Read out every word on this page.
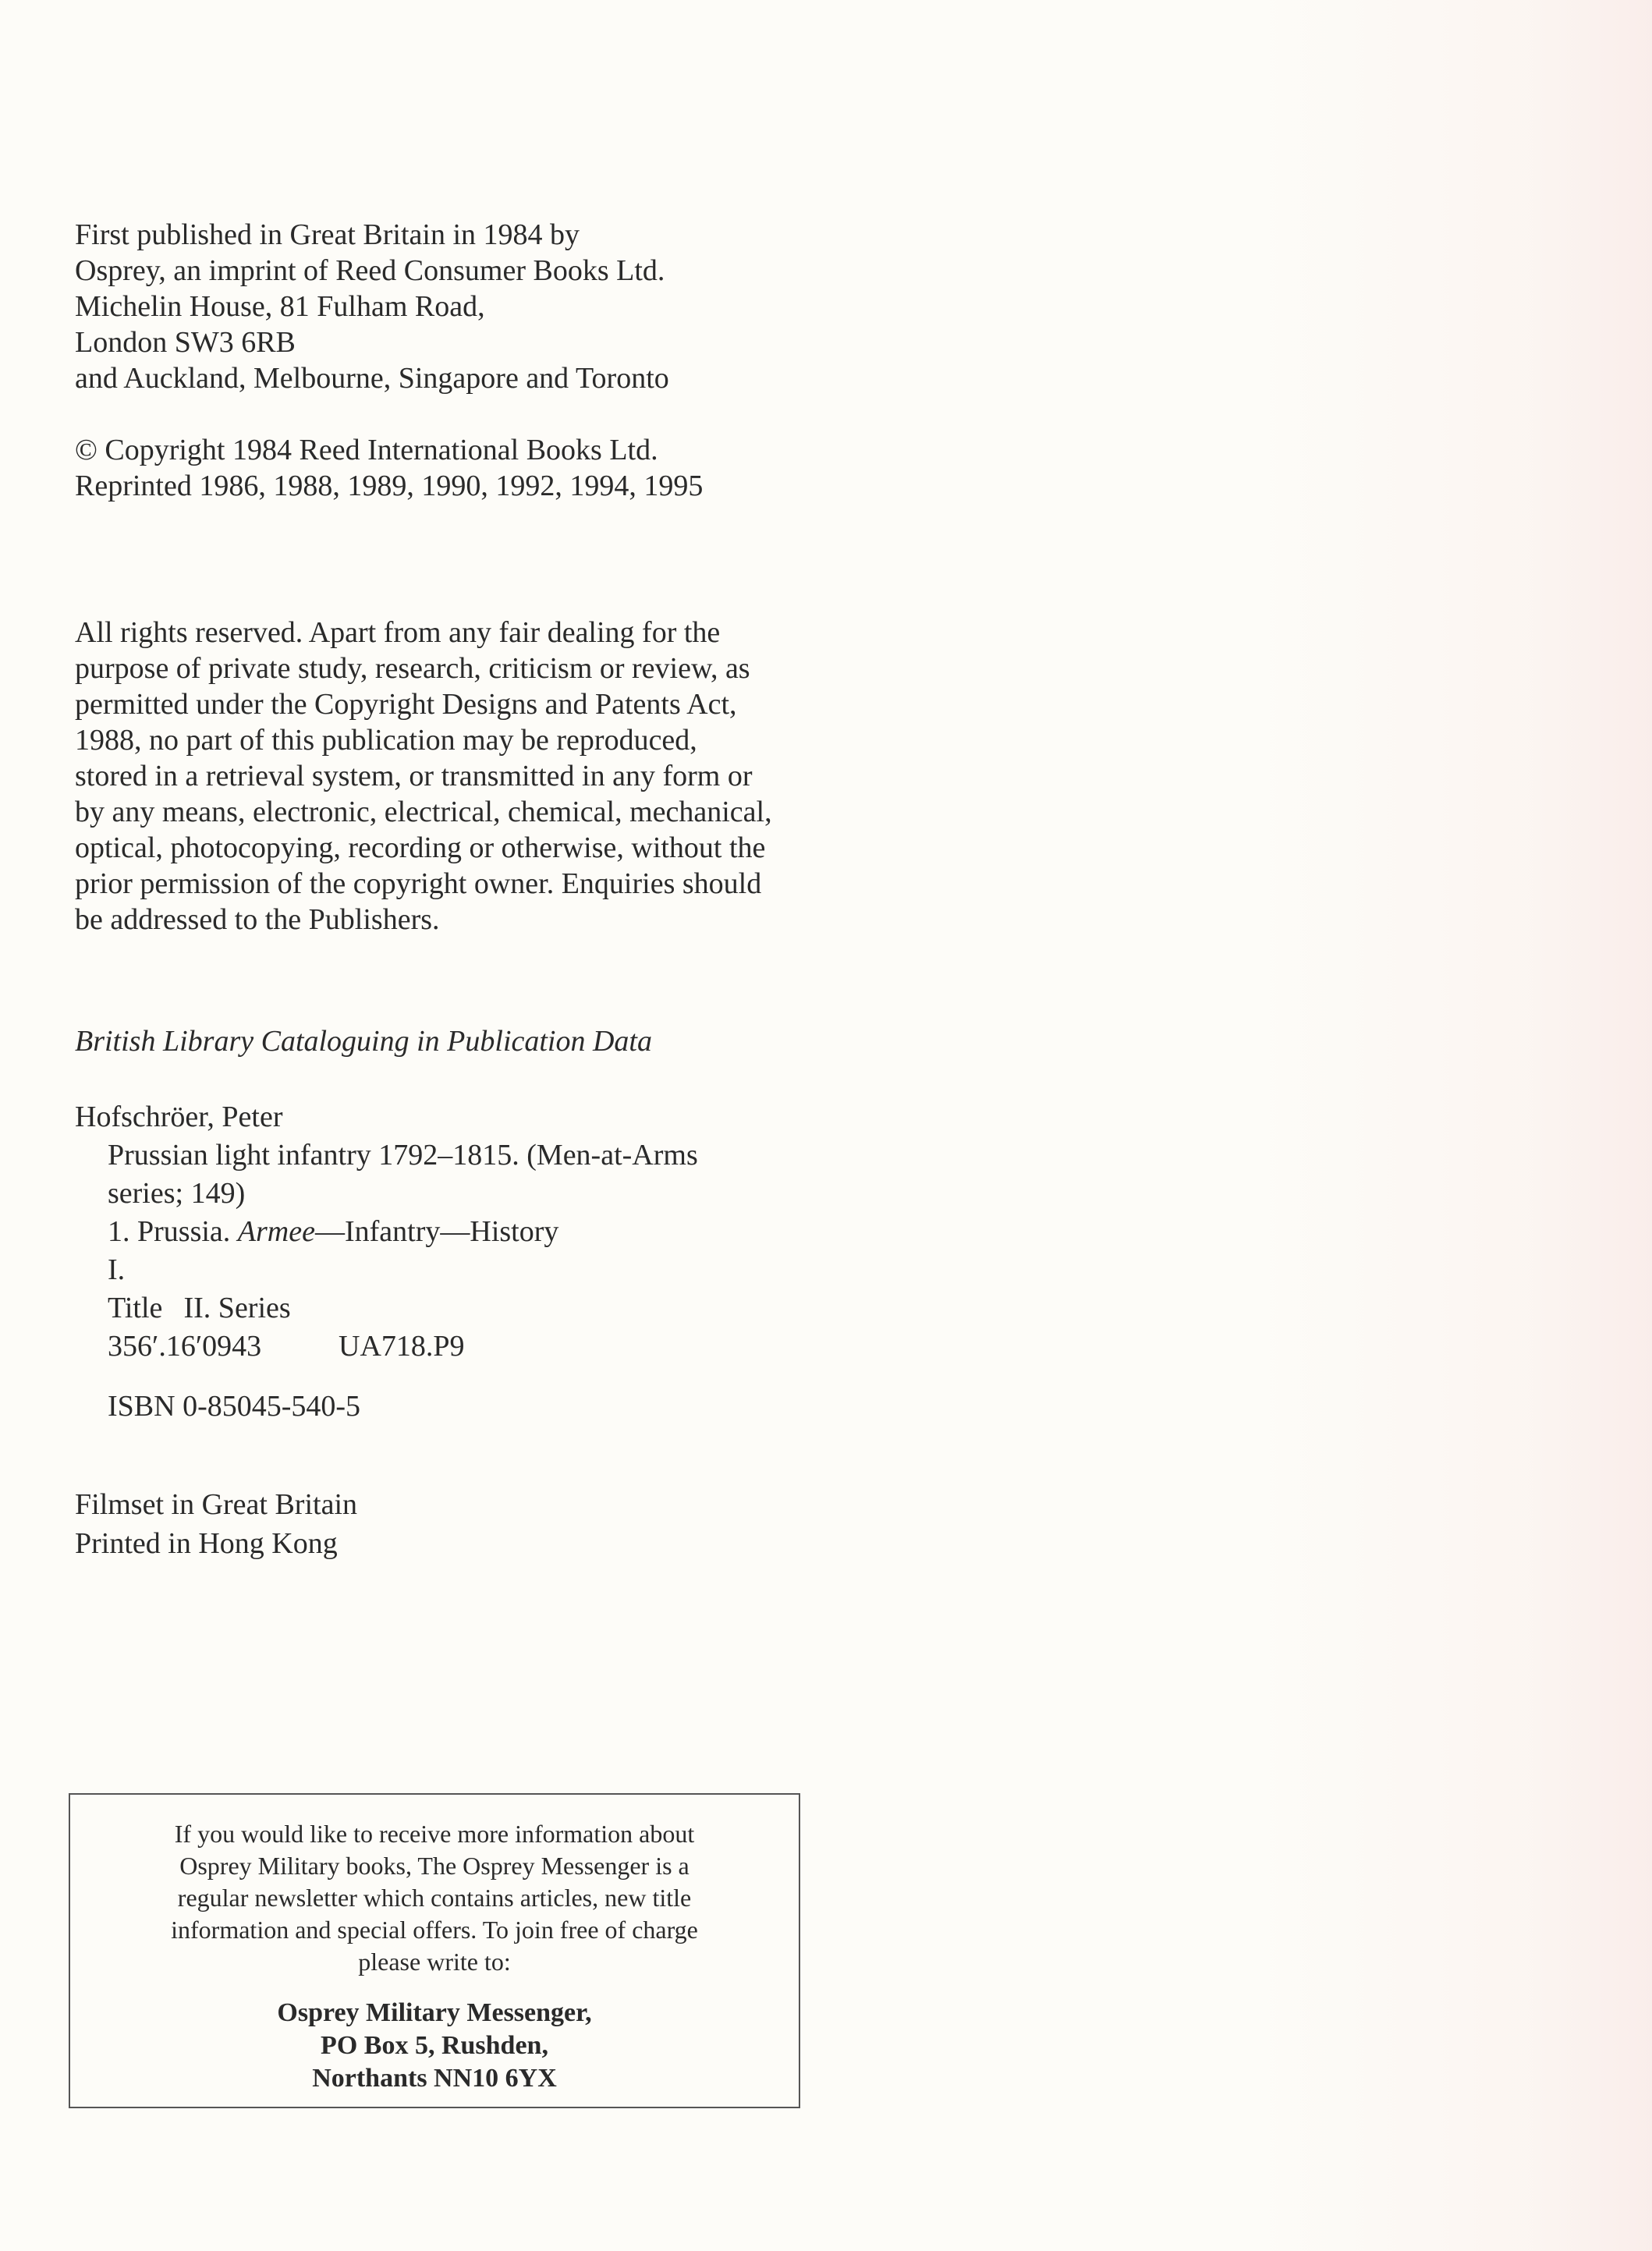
First published in Great Britain in 1984 by

Osprey, an imprint of Reed Consumer Books Ltd.

Michelin House, 81 Fulham Road,

London SW3 6RB

and Auckland, Melbourne, Singapore and Toronto

© Copyright 1984 Reed International Books Ltd.

Reprinted 1986, 1988, 1989, 1990, 1992, 1994, 1995

All rights reserved. Apart from any fair dealing for the

purpose of private study, research, criticism or review, as

permitted under the Copyright Designs and Patents Act,

1988, no part of this publication may be reproduced,

stored in a retrieval system, or transmitted in any form or

by any means, electronic, electrical, chemical, mechanical,

optical, photocopying, recording or otherwise, without the

prior permission of the copyright owner. Enquiries should

be addressed to the Publishers.

British Library Cataloguing in Publication Data

Hofschröer, Peter

Prussian light infantry 1792–1815. (Men-at-Arms

series; 149)

1. Prussia. Armee—Infantry—History

I. Title II. Series

356′.16′0943	UA718.P9

ISBN 0-85045-540-5

Filmset in Great Britain

Printed in Hong Kong

If you would like to receive more information about

Osprey Military books, The Osprey Messenger is a

regular newsletter which contains articles, new title

information and special offers. To join free of charge

please write to:

Osprey Military Messenger,

PO Box 5, Rushden,

Northants NN10 6YX
